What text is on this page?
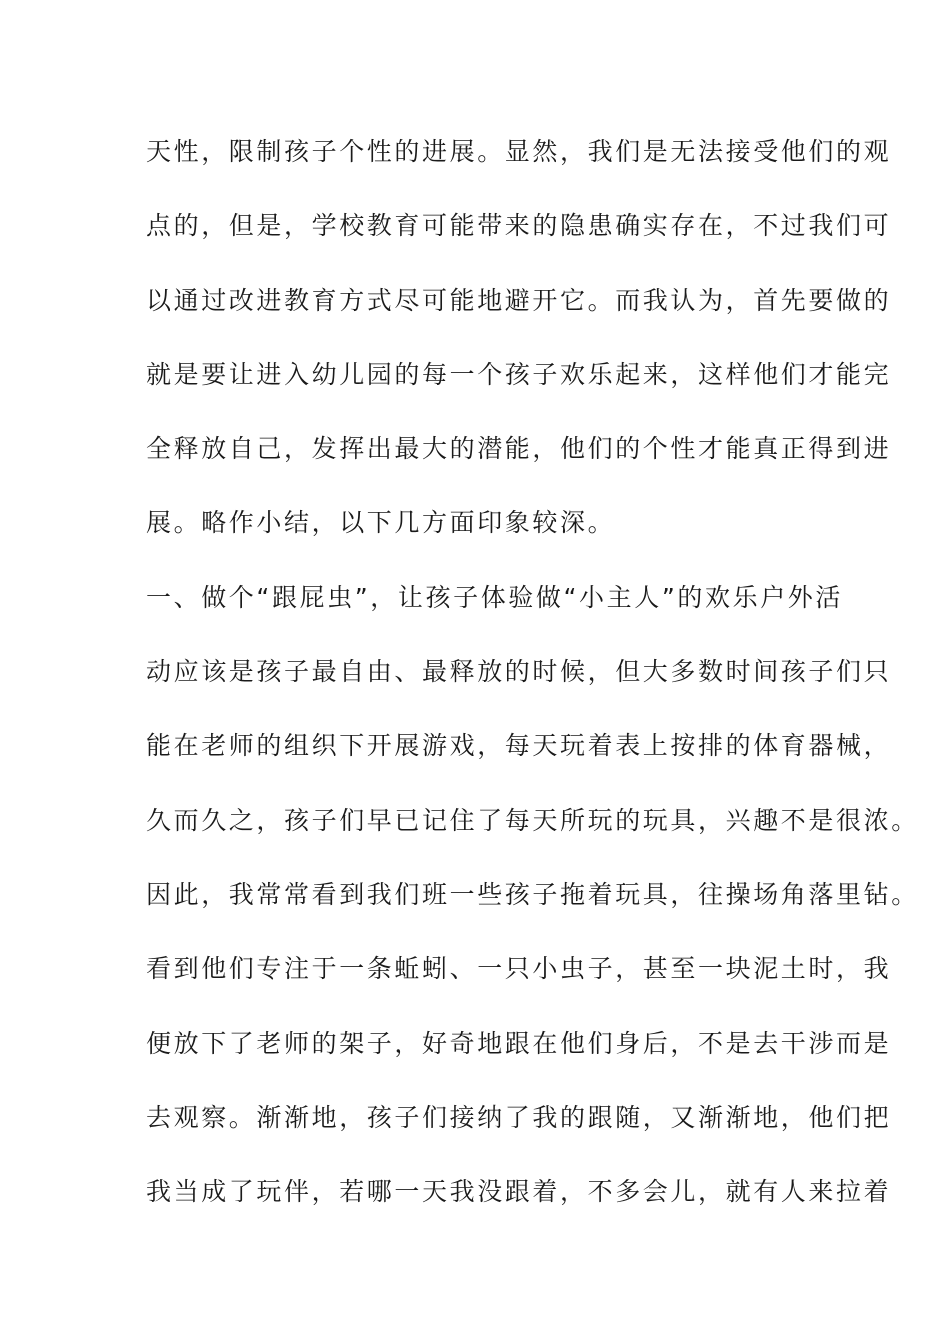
天性，限制孩子个性的进展。显然，我们是无法接受他们的观
点的，但是，学校教育可能带来的隐患确实存在，不过我们可
以通过改进教育方式尽可能地避开它。而我认为，首先要做的
就是要让进入幼儿园的每一个孩子欢乐起来，这样他们才能完
全释放自己，发挥出最大的潜能，他们的个性才能真正得到进
展。略作小结，以下几方面印象较深。
一、做个“跟屁虫”，让孩子体验做“小主人”的欢乐户外活
动应该是孩子最自由、最释放的时候，但大多数时间孩子们只
能在老师的组织下开展游戏，每天玩着表上按排的体育器械，
久而久之，孩子们早已记住了每天所玩的玩具，兴趣不是很浓。
因此，我常常看到我们班一些孩子拖着玩具，往操场角落里钻。
看到他们专注于一条蚯蚓、一只小虫子，甚至一块泥土时，我
便放下了老师的架子，好奇地跟在他们身后，不是去干涉而是
去观察。渐渐地，孩子们接纳了我的跟随，又渐渐地，他们把
我当成了玩伴，若哪一天我没跟着，不多会儿，就有人来拉着
